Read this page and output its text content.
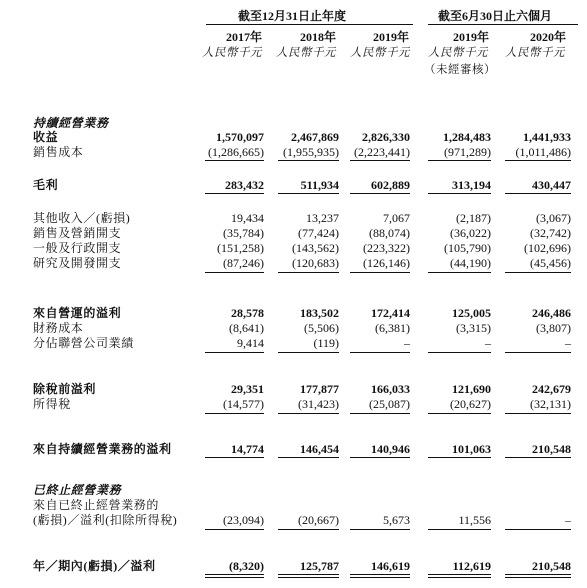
截至12月31日止年度	截至6月30日止六個月
2017年	2018年	2019年	2019年	2020年
人民幣千元 人民幣千元 人民幣千元 人民幣千元 人民幣千元
（未經審核）
持續經營業務
收益	1,570,097 2,467,869 2,826,330	1,284,483	1,441,933
銷售成本	(1,286,665) (1,955,935) (2,223,441)	(971,289) (1,011,486)
毛利	283,432	511,934	602,889	313,194	430,447
其他收入／(虧損)	19,434	13,237	7,067	(2,187)	(3,067)
銷售及營銷開支	(35,784)	(77,424)	(88,074)	(36,022)	(32,742)
一般及行政開支	(151,258) (143,562) (223,322)	(105,790)	(102,696)
研究及開發開支	(87,246) (120,683) (126,146)	(44,190)	(45,456)
來自營運的溢利	28,578	183,502	172,414	125,005	246,486
財務成本	(8,641)	(5,506)	(6,381)	(3,315)	(3,807)
分佔聯營公司業績	9,414	(119)	–	–	–
除稅前溢利	29,351	177,877	166,033	121,690	242,679
所得稅	(14,577)	(31,423)	(25,087)	(20,627)	(32,131)
來自持續經營業務的溢利	14,774	146,454	140,946	101,063	210,548
已終止經營業務
來自已終止經營業務的
(虧損)／溢利(扣除所得稅)	(23,094)	(20,667)	5,673	11,556	–
年／期內(虧損)／溢利	(8,320)	125,787	146,619	112,619	210,548
